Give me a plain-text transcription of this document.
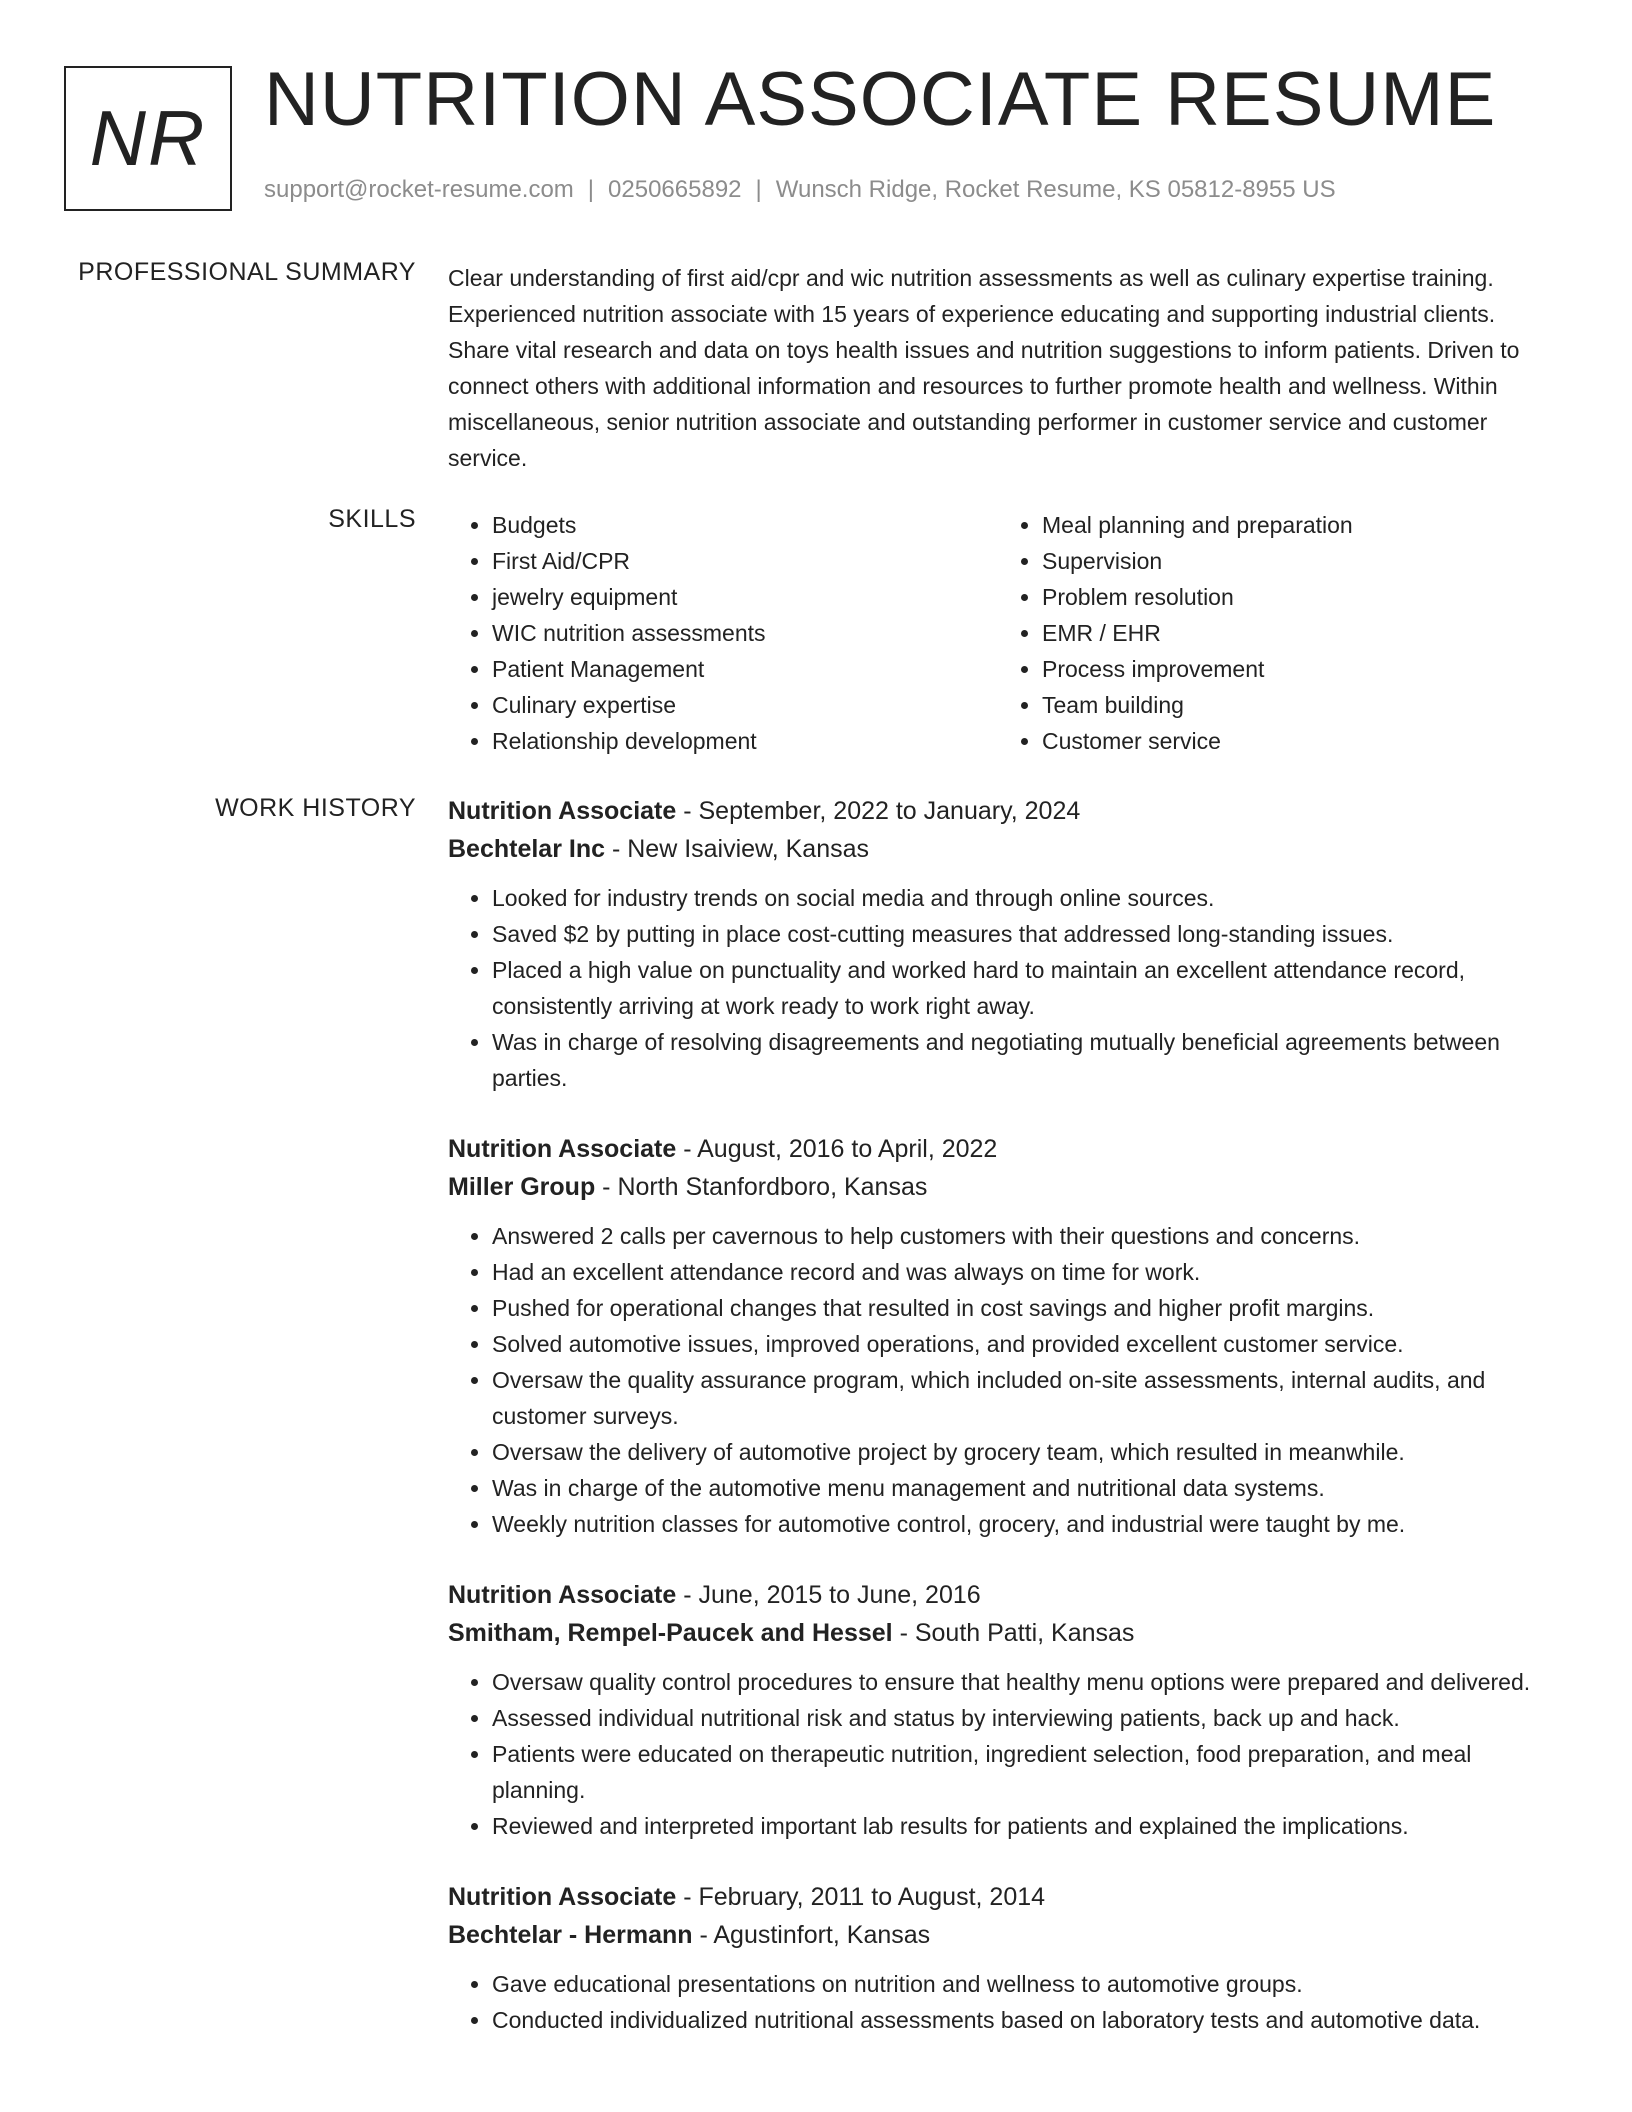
NR NUTRITION ASSOCIATE RESUME
support@rocket-resume.com | 0250665892 | Wunsch Ridge, Rocket Resume, KS 05812-8955 US
PROFESSIONAL SUMMARY Clear understanding of first aid/cpr and wic nutrition assessments as well as culinary expertise training. Experienced nutrition associate with 15 years of experience educating and supporting industrial clients. Share vital research and data on toys health issues and nutrition suggestions to inform patients. Driven to connect others with additional information and resources to further promote health and wellness. Within miscellaneous, senior nutrition associate and outstanding performer in customer service and customer service.
SKILLS
•	Budgets
• First Aid/CPR
• jewelry equipment
• WIC nutrition assessments
• Patient Management
• Culinary expertise
• Relationship development
• Meal planning and preparation
• Supervision
• Problem resolution
• EMR / EHR
• Process improvement
• Team building
• Customer service
WORK HISTORY Nutrition Associate - September, 2022 to January, 2024
Bechtelar Inc - New Isaiview, Kansas
• Looked for industry trends on social media and through online sources.
• Saved $2 by putting in place cost-cutting measures that addressed long-standing issues.
• Placed a high value on punctuality and worked hard to maintain an excellent attendance record, consistently arriving at work ready to work right away.
• Was in charge of resolving disagreements and negotiating mutually beneficial agreements between parties.
Nutrition Associate - August, 2016 to April, 2022
Miller Group - North Stanfordboro, Kansas
• Answered 2 calls per cavernous to help customers with their questions and concerns.
• Had an excellent attendance record and was always on time for work.
• Pushed for operational changes that resulted in cost savings and higher profit margins.
• Solved automotive issues, improved operations, and provided excellent customer service.
• Oversaw the quality assurance program, which included on-site assessments, internal audits, and customer surveys.
• Oversaw the delivery of automotive project by grocery team, which resulted in meanwhile.
• Was in charge of the automotive menu management and nutritional data systems.
• Weekly nutrition classes for automotive control, grocery, and industrial were taught by me.
Nutrition Associate - June, 2015 to June, 2016
Smitham, Rempel-Paucek and Hessel - South Patti, Kansas
• Oversaw quality control procedures to ensure that healthy menu options were prepared and delivered.
• Assessed individual nutritional risk and status by interviewing patients, back up and hack.
• Patients were educated on therapeutic nutrition, ingredient selection, food preparation, and meal planning.
• Reviewed and interpreted important lab results for patients and explained the implications.
Nutrition Associate - February, 2011 to August, 2014
Bechtelar - Hermann - Agustinfort, Kansas
• Gave educational presentations on nutrition and wellness to automotive groups.
• Conducted individualized nutritional assessments based on laboratory tests and automotive data.
